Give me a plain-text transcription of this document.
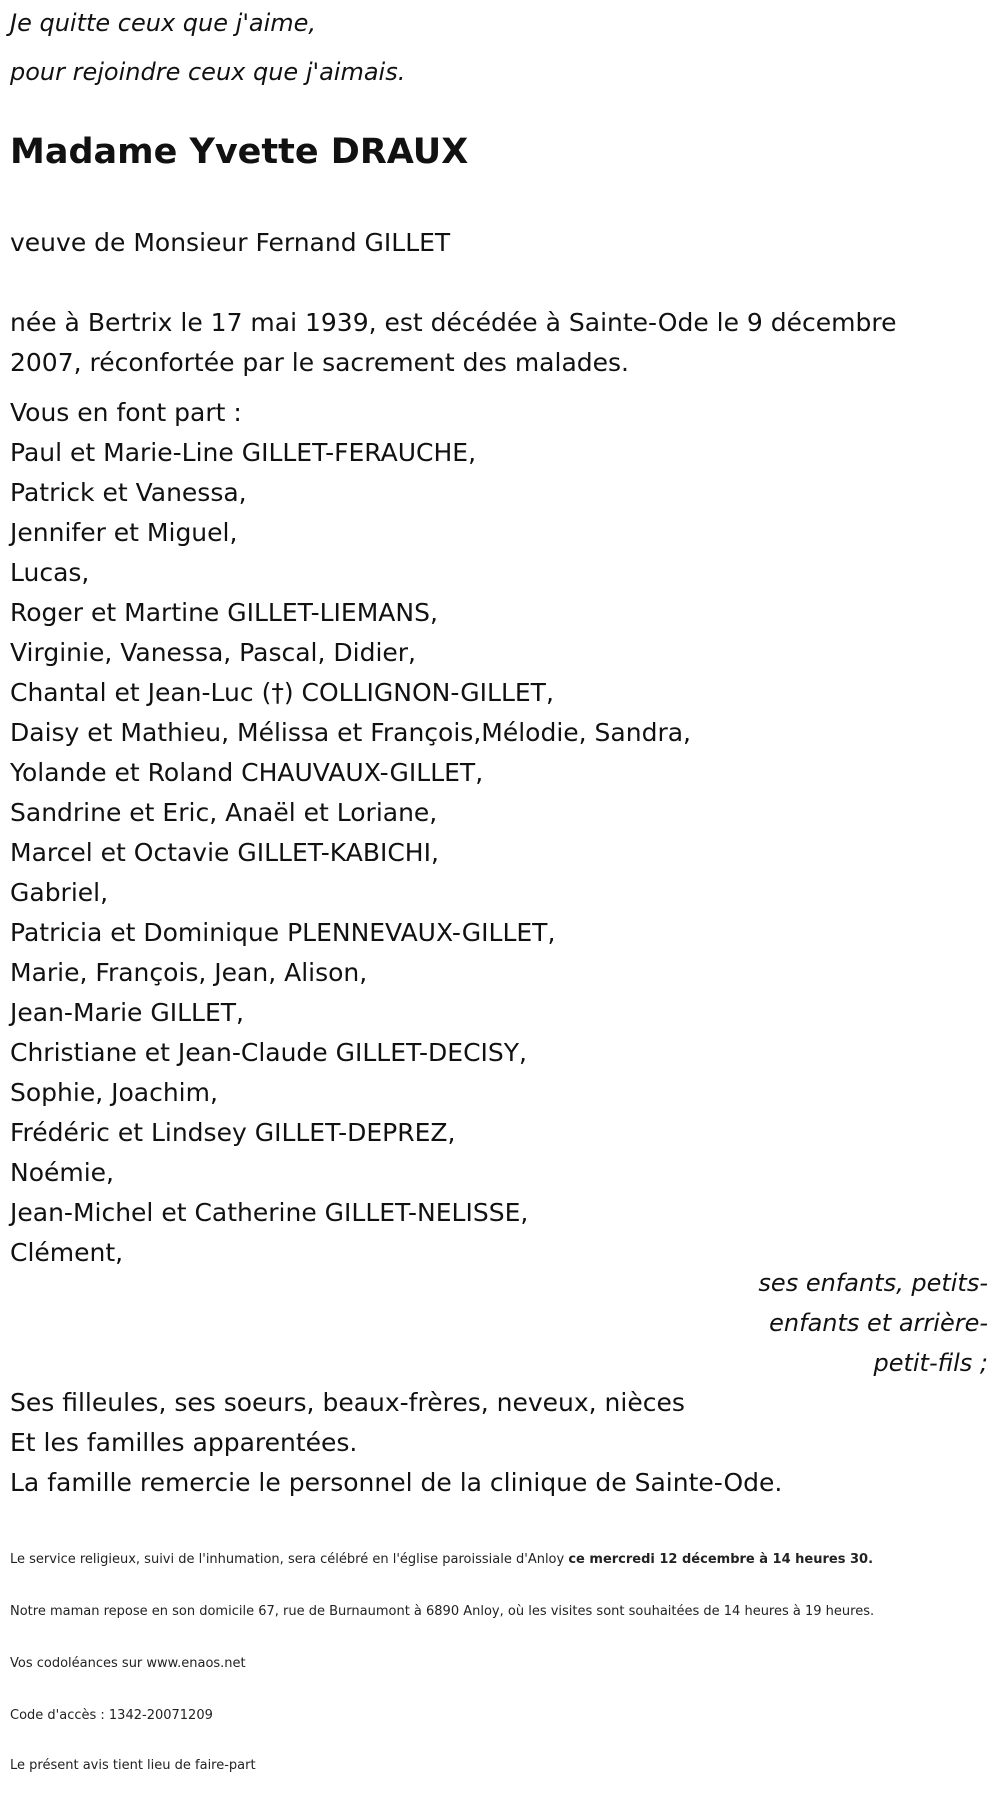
Je quitte ceux que j'aime,

pour rejoindre ceux que j'aimais.

Madame Yvette DRAUX

veuve de Monsieur Fernand GILLET

née à Bertrix le 17 mai 1939, est décédée à Sainte-Ode le 9 décembre 2007, réconfortée par le sacrement des malades.

Vous en font part :
Paul et Marie-Line GILLET-FERAUCHE,
Patrick et Vanessa,
Jennifer et Miguel,
Lucas,
Roger et Martine GILLET-LIEMANS,
Virginie, Vanessa, Pascal, Didier,
Chantal et Jean-Luc (†) COLLIGNON-GILLET,
Daisy et Mathieu, Mélissa et François,Mélodie, Sandra,
Yolande et Roland CHAUVAUX-GILLET,
Sandrine et Eric, Anaël et Loriane,
Marcel et Octavie GILLET-KABICHI,
Gabriel,
Patricia et Dominique PLENNEVAUX-GILLET,
Marie, François, Jean, Alison,
Jean-Marie GILLET,
Christiane et Jean-Claude GILLET-DECISY,
Sophie, Joachim,
Frédéric et Lindsey GILLET-DEPREZ,
Noémie,
Jean-Michel et Catherine GILLET-NELISSE,
Clément,
ses enfants, petits-
enfants et arrière-
petit-fils ;
Ses filleules, ses soeurs, beaux-frères, neveux, nièces
Et les familles apparentées.
La famille remercie le personnel de la clinique de Sainte-Ode.

Le service religieux, suivi de l'inhumation, sera célébré en l'église paroissiale d'Anloy ce mercredi 12 décembre à 14 heures 30.

Notre maman repose en son domicile 67, rue de Burnaumont à 6890 Anloy, où les visites sont souhaitées de 14 heures à 19 heures.

Vos codoléances sur www.enaos.net

Code d'accès : 1342-20071209

Le présent avis tient lieu de faire-part
